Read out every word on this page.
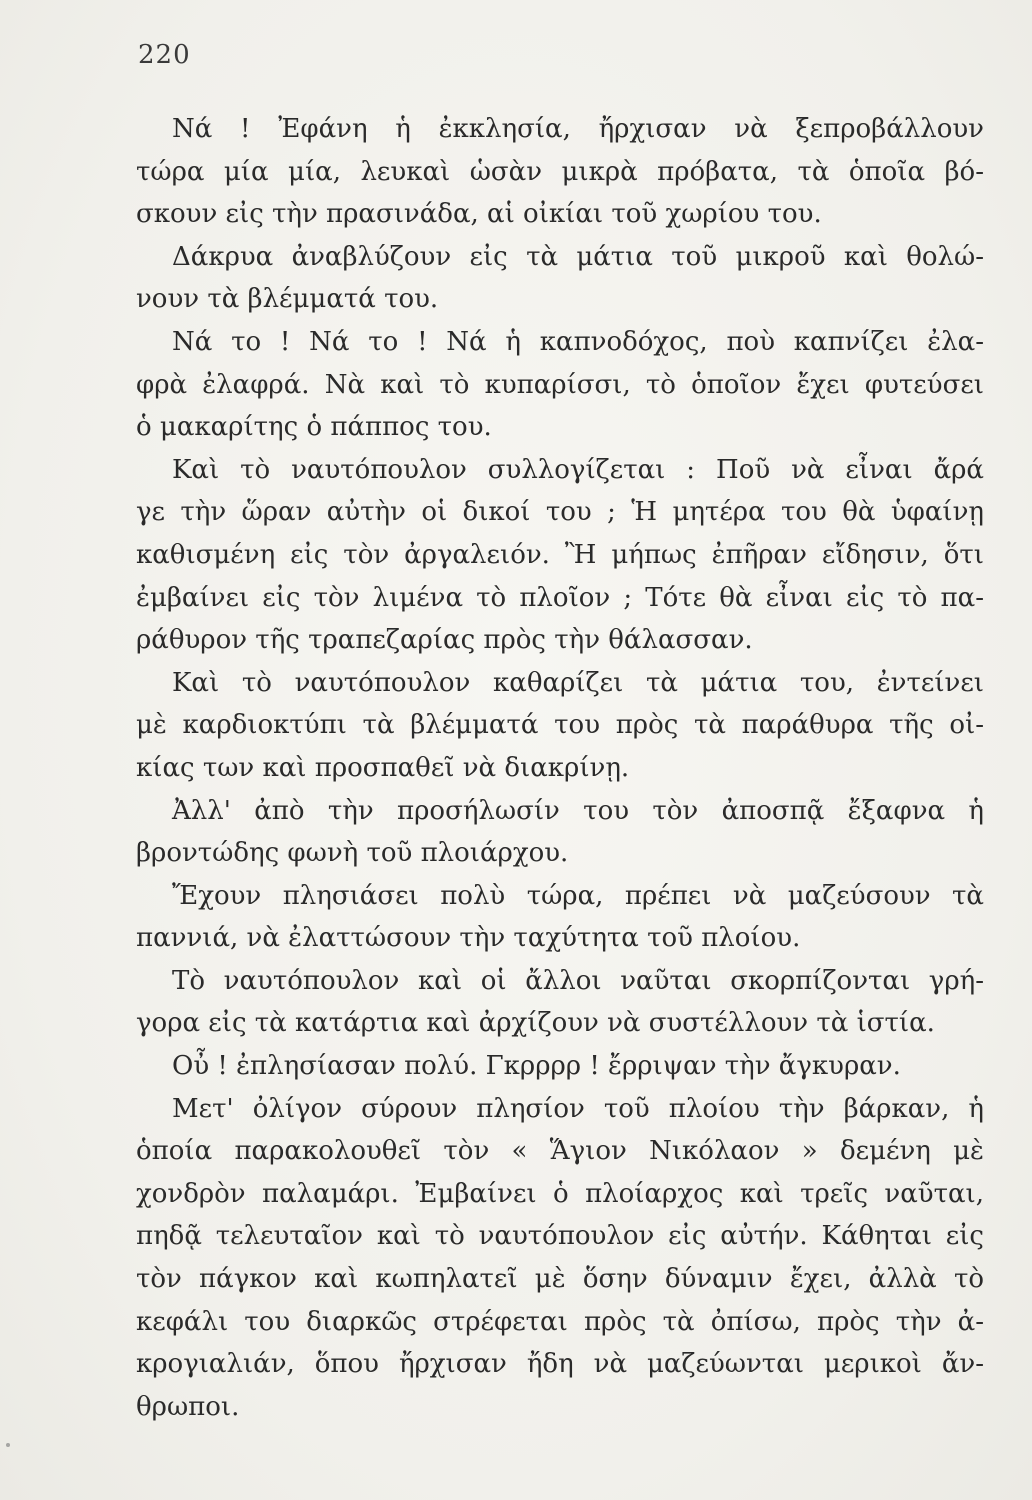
220
Νά ! Ἐφάνη ἡ ἐκκλησία, ἤρχισαν νὰ ξεπροβάλλουν
τώρα μία μία, λευκαὶ ὡσὰν μικρὰ πρόβατα, τὰ ὁποῖα βό-
σκουν εἰς τὴν πρασινάδα, αἱ οἰκίαι τοῦ χωρίου του.
Δάκρυα ἀναβλύζουν εἰς τὰ μάτια τοῦ μικροῦ καὶ θολώ-
νουν τὰ βλέμματά του.
Νά το ! Νά το ! Νά ἡ καπνοδόχος, ποὺ καπνίζει ἐλα-
φρὰ ἐλαφρά. Νὰ καὶ τὸ κυπαρίσσι, τὸ ὁποῖον ἔχει φυτεύσει
ὁ μακαρίτης ὁ πάππος του.
Καὶ τὸ ναυτόπουλον συλλογίζεται : Ποῦ νὰ εἶναι ἄρά
γε τὴν ὥραν αὐτὴν οἱ δικοί του ; Ἡ μητέρα του θὰ ὑφαίνῃ
καθισμένη εἰς τὸν ἀργαλειόν. Ἢ μήπως ἐπῆραν εἴδησιν, ὅτι
ἐμβαίνει εἰς τὸν λιμένα τὸ πλοῖον ; Τότε θὰ εἶναι εἰς τὸ πα-
ράθυρον τῆς τραπεζαρίας πρὸς τὴν θάλασσαν.
Καὶ τὸ ναυτόπουλον καθαρίζει τὰ μάτια του, ἐντείνει
μὲ καρδιοκτύπι τὰ βλέμματά του πρὸς τὰ παράθυρα τῆς οἰ-
κίας των καὶ προσπαθεῖ νὰ διακρίνῃ.
Ἀλλ' ἀπὸ τὴν προσήλωσίν του τὸν ἀποσπᾷ ἔξαφνα ἡ
βροντώδης φωνὴ τοῦ πλοιάρχου.
Ἔχουν πλησιάσει πολὺ τώρα, πρέπει νὰ μαζεύσουν τὰ
παννιά, νὰ ἐλαττώσουν τὴν ταχύτητα τοῦ πλοίου.
Τὸ ναυτόπουλον καὶ οἱ ἄλλοι ναῦται σκορπίζονται γρή-
γορα εἰς τὰ κατάρτια καὶ ἀρχίζουν νὰ συστέλλουν τὰ ἱστία.
Οὖ ! ἐπλησίασαν πολύ. Γκρρρρ ! ἔρριψαν τὴν ἄγκυραν.
Μετ' ὀλίγον σύρουν πλησίον τοῦ πλοίου τὴν βάρκαν, ἡ
ὁποία παρακολουθεῖ τὸν « Ἅγιον Νικόλαον » δεμένη μὲ
χονδρὸν παλαμάρι. Ἐμβαίνει ὁ πλοίαρχος καὶ τρεῖς ναῦται,
πηδᾷ τελευταῖον καὶ τὸ ναυτόπουλον εἰς αὐτήν. Κάθηται εἰς
τὸν πάγκον καὶ κωπηλατεῖ μὲ ὅσην δύναμιν ἔχει, ἀλλὰ τὸ
κεφάλι του διαρκῶς στρέφεται πρὸς τὰ ὀπίσω, πρὸς τὴν ἀ-
κρογιαλιάν, ὅπου ἤρχισαν ἤδη νὰ μαζεύωνται μερικοὶ ἄν-
θρωποι.
